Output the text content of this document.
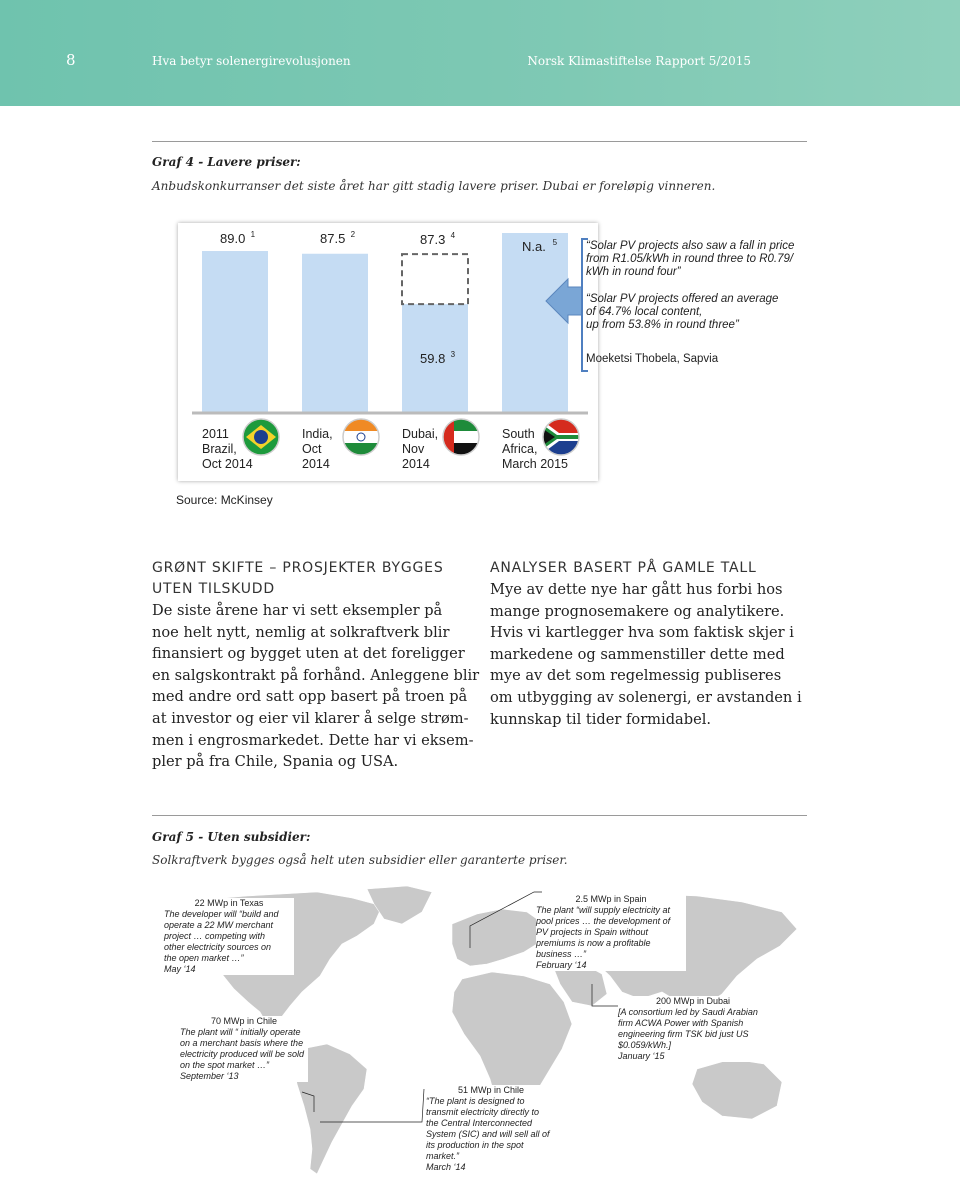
8	Hva betyr solenergirevolusjonen	Norsk Klimastiftelse Rapport 5/2015
Graf 4 - Lavere priser:
Anbudskonkurranser det siste året har gitt stadig lavere priser. Dubai er foreløpig vinneren.
89.0 1	87.5 2
59.8 3
N.a. 5
87.3 4
“Solar PV projects also saw a fall in price
from R1.05/kWh in round three to R0.79/
kWh in round four”
“Solar PV projects offered an average
of 64.7% local content,
up from 53.8% in round three”
Moeketsi Thobela, Sapvia
2011
Brazil,
Oct 2014
India,
Oct
2014
Dubai,
Nov
2014
South
Africa,
March 2015
Source: McKinsey
GRØNT SKIFTE – PROSJEKTER BYGGES
UTEN TILSKUDD
De siste årene har vi sett eksempler på
noe helt nytt, nemlig at solkraftverk blir
finansiert og bygget uten at det foreligger
en salgskontrakt på forhånd. Anleggene blir
med andre ord satt opp basert på troen på
at investor og eier vil klarer å selge strøm-
men i engrosmarkedet. Dette har vi eksem-
pler på fra Chile, Spania og USA.
ANALYSER BASERT PÅ GAMLE TALL
Mye av dette nye har gått hus forbi hos
mange prognosemakere og analytikere.
Hvis vi kartlegger hva som faktisk skjer i
markedene og sammenstiller dette med
mye av det som regelmessig publiseres
om utbygging av solenergi, er avstanden i
kunnskap til tider formidabel.
Graf 5 - Uten subsidier:
Solkraftverk bygges også helt uten subsidier eller garanterte priser.
22 MWp in Texas
The developer will “build and
operate a 22 MW merchant
project … competing with
other electricity sources on
the open market …”
May ‘14
2.5 MWp in Spain
The plant “will supply electricity at
pool prices … the development of
PV projects in Spain without
premiums is now a profitable
business …”
February ‘14
70 MWp in Chile
The plant will “ initially operate
on a merchant basis where the
electricity produced will be sold
on the spot market …”
September ‘13
200 MWp in Dubai
[A consortium led by Saudi Arabian
firm ACWA Power with Spanish
engineering firm TSK bid just US
$0.059/kWh.]
January ‘15
51 MWp in Chile
“The plant is designed to
transmit electricity directly to
the Central Interconnected
System (SIC) and will sell all of
its production in the spot
market.”
March ‘14
